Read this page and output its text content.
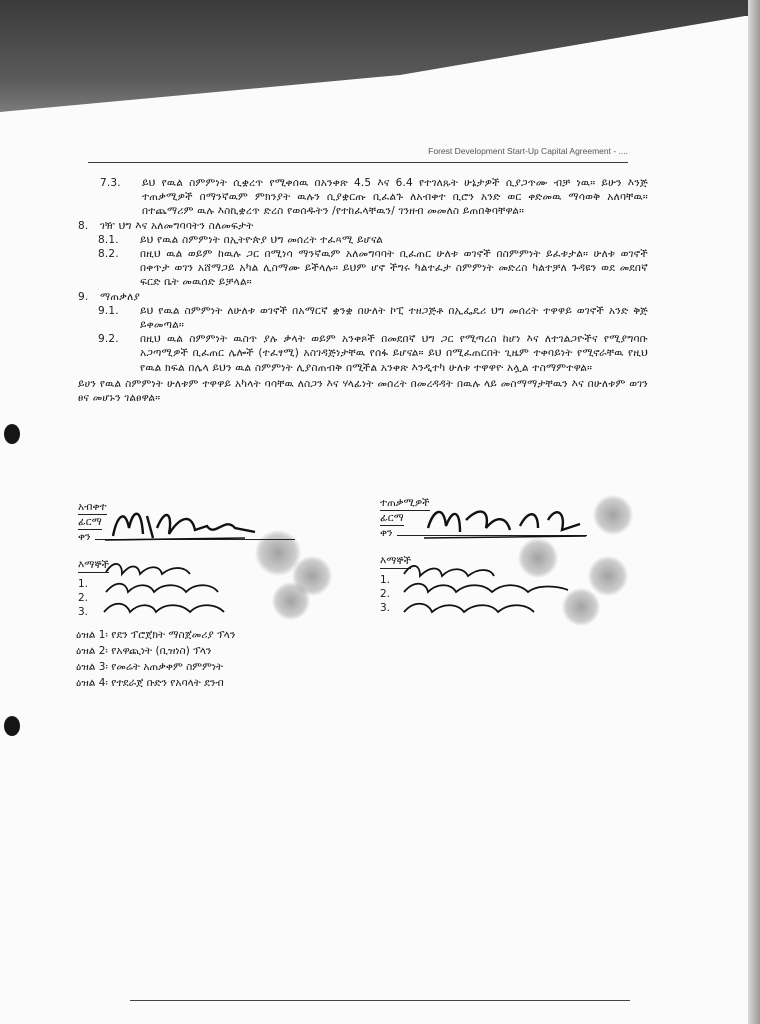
Forest Development Start-Up Capital Agreement - ....
7.3.	ይህ የዉል ስምምነት ሲቋረጥ የሚቀሰዉ በአንቀጽ 4.5 እና 6.4 የተገለጹት ሁኔታዎች ሲያጋጥሙ ብቻ ነዉ። ይሁን እንጅ ተጠቃሚዎች በማንኛዉም ምክንያት ዉሉን ሲያቋርጡ ቢፈልጉ ለአብቀተ ቢሮን አንድ ወር ቀድመዉ ማሳወቅ አለባቸዉ። በተጨማሪም ዉሉ እስኪቋረጥ ድረስ የወሰዱትን /የተከፈላቸዉን/ ገንዘብ መመለስ ይጠበቅባቸዋል።
8.	ገዥ ህግ እና አለመግባባትን ስለመፍታት
8.1.	ይህ የዉል ስምምነት በኢትዮጵያ ህግ መሰረት ተፈጻሚ ይሆናል
8.2.	በዚህ ዉል ወይም ከዉሉ ጋር በሚነሳ ማንኛዉም አለመግባባት ቢፈጠር ሁለቱ ወገኖች በስምምነት ይፈቱታል። ሁለቱ ወገኖች በቀጥታ ወገን አሸማጋይ አካል ሊስማሙ ይችላሉ። ይህም ሆኖ ችግሩ ካልተፈታ ስምምነት መድረስ ካልተቻለ ጉዳዩን ወደ መደበኛ ፍርድ ቤት መዉሰድ ይቻላል።
9.	ማጠቃለያ
9.1.	ይህ የዉል ስምምነት ለሁለቱ ወገኖች በአማርኛ ቋንቋ በሁለት ኮፒ ተዘጋጅቶ በኢፌዴሪ ህግ መሰረት ተዋዋይ ወገኖች አንድ ቅጅ ይቀመጣል።
9.2.	በዚህ ዉል ስምምነት ዉስጥ ያሉ ቃላት ወይም አንቀጾች በመደበኛ ህግ ጋር የሚጣረስ ከሆነ እና ለተገልጋዮችና የሚያግባቡ አጋጣሚዎች ቢፈጠር ሌሎች (ተፈፃሚ) አስገዳጅነታቸዉ የሰፋ ይሆናል። ይህ በሚፈጠርበት ጊዜም ተቀባይነት የሚኖራቸዉ የዚህ የዉል ክፍል በሌላ ይህን ዉል ስምምነት ሊያስጠብቅ በሚችል አንቀጽ እንዲተካ ሁለቱ ተዋዋዮ አሏል ተስማምተዋል።

ይሀን የዉል ስምምነት ሁለቱም ተዋዋይ አካላት ባሳቸዉ ለስጋን እና ሃላፊነት መሰረት በመረዳዳት በዉሉ ላይ መስማማታቸዉን እና በሁለቱም ወገን ፀና መሆኑን ገልፀዋል።

አብቀተ
ፊርማ
ቀን
እማኞች
1.
2.
3.
ተጠቃሚዎች
ፊርማ
ቀን
እማኞች
1.
2.
3.
ዕዝል 1፡ የደን ፕሮጀክት ማስጀመሪያ ፕላን
ዕዝል 2፡ የአዋጪነት (ቢዝነስ) ፕላን
ዕዝል 3፡ የመሬት አጠቃቀም ስምምነት
ዕዝል 4፡ የተደራጀ ቡድን የአባላት ደንብ
